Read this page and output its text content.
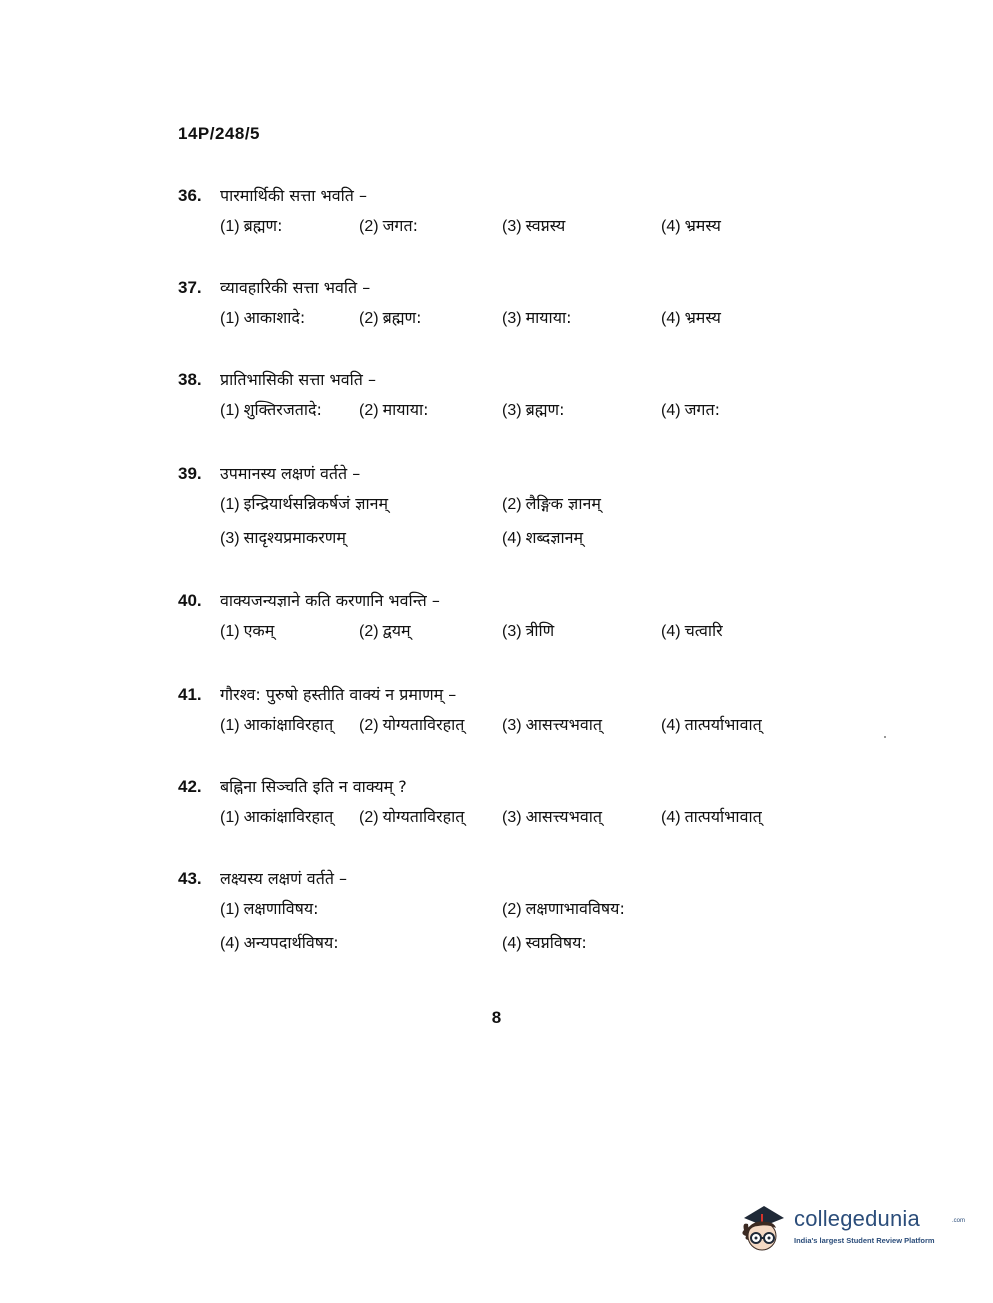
14P/248/5
36.	पारमार्थिकी सत्ता भवति –
(1) ब्रह्मण:	(2) जगत:	(3) स्वप्नस्य	(4) भ्रमस्य
37.	व्यावहारिकी सत्ता भवति –
(1) आकाशादे:	(2) ब्रह्मण:	(3) मायाया:	(4) भ्रमस्य
38.	प्रातिभासिकी सत्ता भवति –
(1) शुक्तिरजतादे: (2) मायाया:	(3) ब्रह्मण:	(4) जगत:
39.	उपमानस्य लक्षणं वर्तते –
(1) इन्द्रियार्थसन्निकर्षजं ज्ञानम्	(2) लैङ्गिक ज्ञानम्
(3) सादृश्यप्रमाकरणम्	(4) शब्दज्ञानम्
40.	वाक्यजन्यज्ञाने कति करणानि भवन्ति –
(1) एकम्	(2) द्वयम्	(3) त्रीणि	(4) चत्वारि
41.	गौरश्व: पुरुषो हस्तीति वाक्यं न प्रमाणम् –
(1) आकांक्षाविरहात् (2) योग्यताविरहात् (3) आसत्त्यभवात्	(4) तात्पर्याभावात्
42.	बह्निना सिञ्चति इति न वाक्यम् ?
(1) आकांक्षाविरहात् (2) योग्यताविरहात् (3) आसत्त्यभवात्	(4) तात्पर्याभावात्
43.	लक्ष्यस्य लक्षणं वर्तते –
(1) लक्षणाविषय:	(2) लक्षणाभावविषय:
(4) अन्यपदार्थविषय:	(4) स्वप्नविषय:
8
collegedunia	.com
India's largest Student Review Platform
